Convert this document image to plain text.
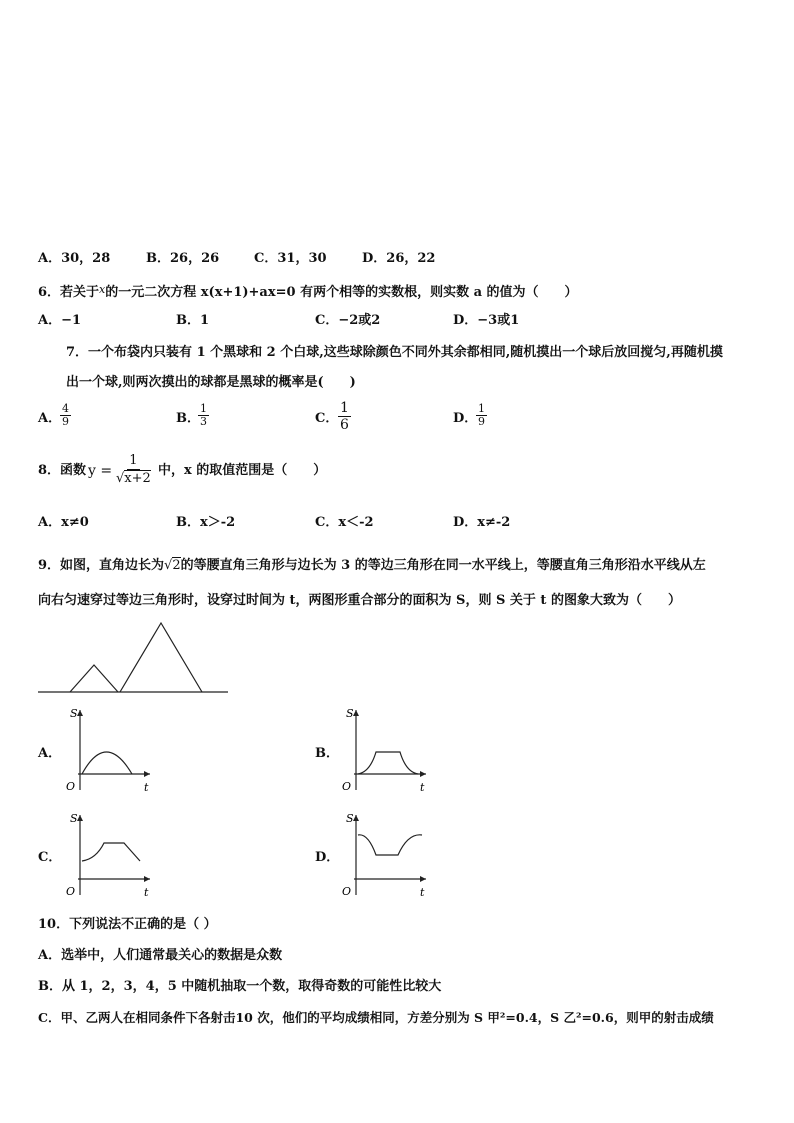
A．30，28	B．26，26	C．31，30	D．26，22
6．若关于$^x$的一元二次方程 x(x+1)+ax=0 有两个相等的实数根，则实数 a 的值为（　　）
A．−1	B．1	C．−2或2	D．−3或1
7．一个布袋内只装有 1 个黑球和 2 个白球,这些球除颜色不同外其余都相同,随机摸出一个球后放回搅匀,再随机摸
出一个球,则两次摸出的球都是黑球的概率是(　　)
A．
$\frac{4}{9}$	B．
$\frac{1}{3}$	C． $\frac{1}{6}$	D．
$\frac{1}{9}$
8．函数 $y = \frac{1}{√x+2}$ 中，x 的取值范围是（　　）
A．x≠0	B．x＞-2	C．x＜-2	D．x≠-2
9．如图，直角边长为√2的等腰直角三角形与边长为 3 的等边三角形在同一水平线上，等腰直角三角形沿水平线从左
向右匀速穿过等边三角形时，设穿过时间为 t，两图形重合部分的面积为 S，则 S 关于 t 的图象大致为（　　）
A．
S
O	t
B．
S
O	t
C．
S
O	t
D．
S
O	t
10．下列说法不正确的是（ ）
A．选举中，人们通常最关心的数据是众数
B．从 1，2，3，4，5 中随机抽取一个数，取得奇数的可能性比较大
C．甲、乙两人在相同条件下各射击10 次，他们的平均成绩相同，方差分别为 S 甲²=0.4，S 乙²=0.6，则甲的射击成绩
